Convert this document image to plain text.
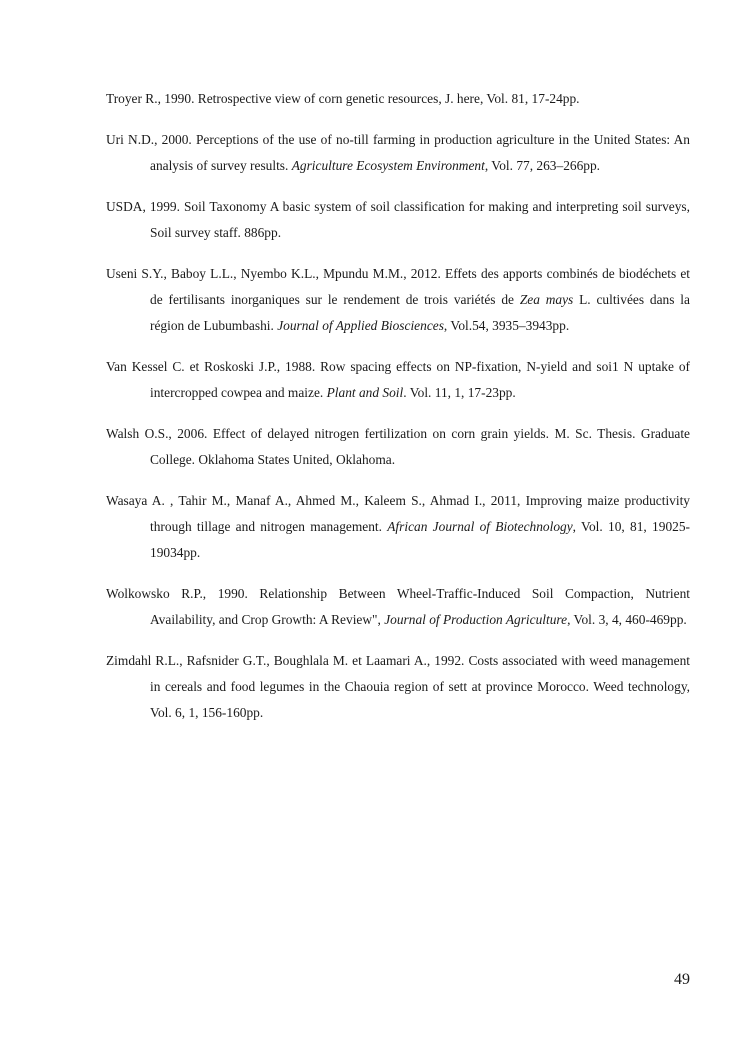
Troyer R., 1990. Retrospective view of corn genetic resources, J. here, Vol. 81, 17-24pp.

Uri N.D., 2000. Perceptions of the use of no-till farming in production agriculture in the United States: An analysis of survey results. Agriculture Ecosystem Environment, Vol. 77, 263–266pp.

USDA, 1999. Soil Taxonomy A basic system of soil classification for making and interpreting soil surveys, Soil survey staff. 886pp.

Useni S.Y., Baboy L.L., Nyembo K.L., Mpundu M.M., 2012. Effets des apports combinés de biodéchets et de fertilisants inorganiques sur le rendement de trois variétés de Zea mays L. cultivées dans la région de Lubumbashi. Journal of Applied Biosciences, Vol.54, 3935–3943pp.

Van Kessel C. et Roskoski J.P., 1988. Row spacing effects on NP-fixation, N-yield and soi1 N uptake of intercropped cowpea and maize. Plant and Soil. Vol. 11, 1, 17-23pp.

Walsh O.S., 2006. Effect of delayed nitrogen fertilization on corn grain yields. M. Sc. Thesis. Graduate College. Oklahoma States United, Oklahoma.

Wasaya A. , Tahir M., Manaf A., Ahmed M., Kaleem S., Ahmad I., 2011, Improving maize productivity through tillage and nitrogen management. African Journal of Biotechnology, Vol. 10, 81, 19025-19034pp.

Wolkowsko R.P., 1990. Relationship Between Wheel-Traffic-Induced Soil Compaction, Nutrient Availability, and Crop Growth: A Review", Journal of Production Agriculture, Vol. 3, 4, 460-469pp.

Zimdahl R.L., Rafsnider G.T., Boughlala M. et Laamari A., 1992. Costs associated with weed management in cereals and food legumes in the Chaouia region of sett at province Morocco. Weed technology, Vol. 6, 1, 156-160pp.

49
